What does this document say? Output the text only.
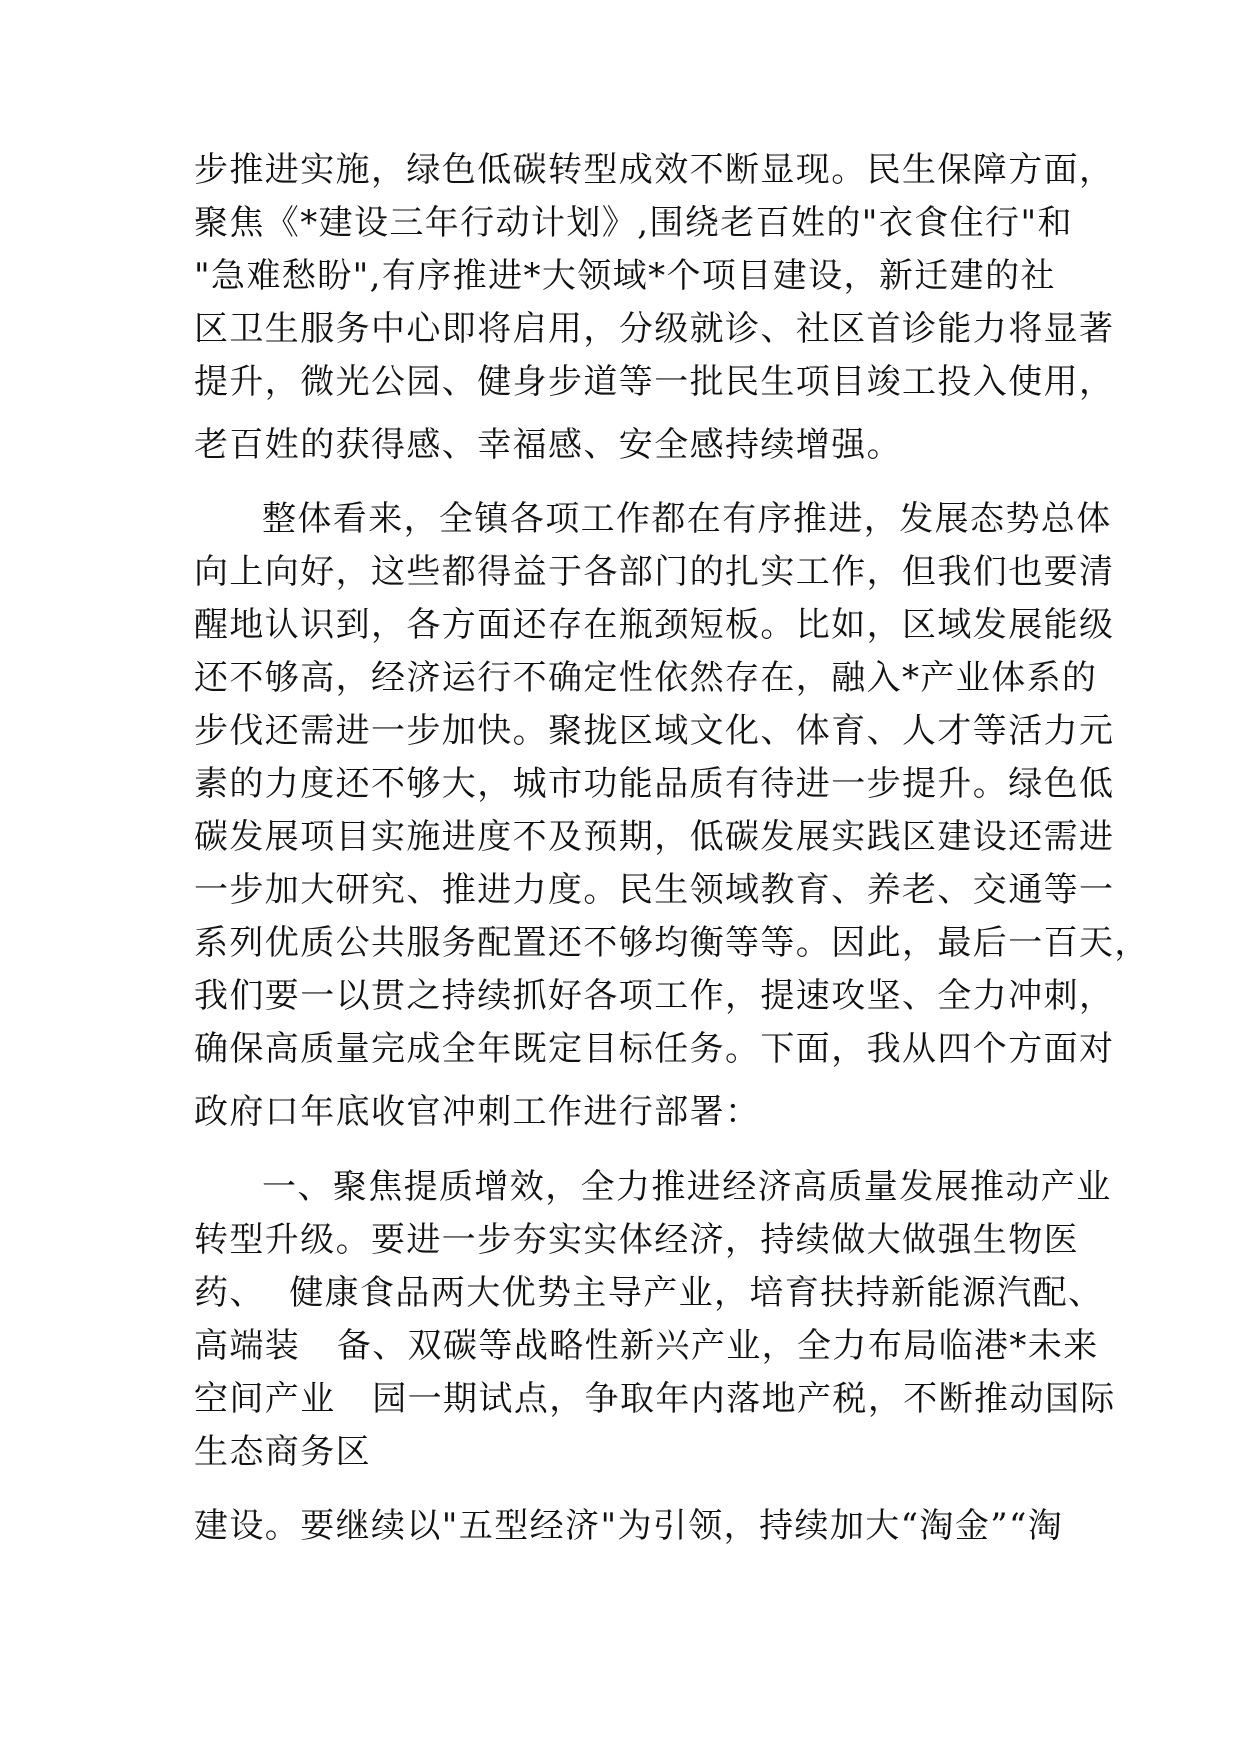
步推进实施，绿色低碳转型成效不断显现。民生保障方面，
聚焦《*建设三年行动计划》,围绕老百姓的"衣食住行"和
"急难愁盼",有序推进*大领域*个项目建设，新迁建的社
区卫生服务中心即将启用，分级就诊、社区首诊能力将显著
提升，微光公园、健身步道等一批民生项目竣工投入使用，
老百姓的获得感、幸福感、安全感持续增强。
整体看来，全镇各项工作都在有序推进，发展态势总体
向上向好，这些都得益于各部门的扎实工作，但我们也要清
醒地认识到，各方面还存在瓶颈短板。比如，区域发展能级
还不够高，经济运行不确定性依然存在，融入*产业体系的
步伐还需进一步加快。聚拢区域文化、体育、人才等活力元
素的力度还不够大，城市功能品质有待进一步提升。绿色低
碳发展项目实施进度不及预期，低碳发展实践区建设还需进
一步加大研究、推进力度。民生领域教育、养老、交通等一
系列优质公共服务配置还不够均衡等等。因此，最后一百天，
我们要一以贯之持续抓好各项工作，提速攻坚、全力冲刺，
确保高质量完成全年既定目标任务。下面，我从四个方面对
政府口年底收官冲刺工作进行部署：
一、聚焦提质增效，全力推进经济高质量发展推动产业
转型升级。要进一步夯实实体经济，持续做大做强生物医
药、  健康食品两大优势主导产业，培育扶持新能源汽配、
高端装   备、双碳等战略性新兴产业，全力布局临港*未来
空间产业   园一期试点，争取年内落地产税，不断推动国际
生态商务区
建设。要继续以"五型经济"为引领，持续加大“淘金”“淘
